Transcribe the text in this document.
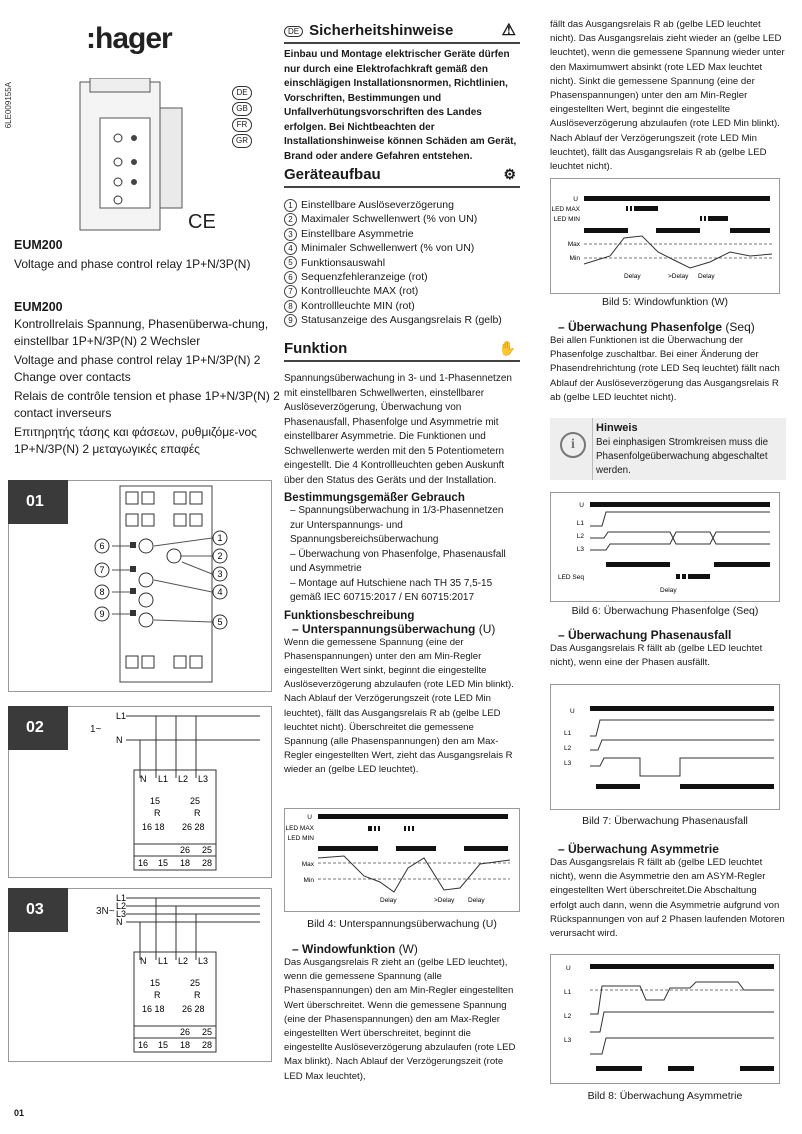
:hager
6LE009155A
CE
DE
GB
FR
GR
EUM200
Voltage and phase control relay 1P+N/3P(N)
EUM200
Kontrollrelais Spannung, Phasenüberwa-chung, einstellbar 1P+N/3P(N) 2 Wechsler
Voltage and phase control relay 1P+N/3P(N) 2 Change over contacts
Relais de contrôle tension et phase 1P+N/3P(N) 2 contact inverseurs
Επιτηρητής τάσης και φάσεων, ρυθμιζόμε-νος 1P+N/3P(N) 2 μεταγωγικές επαφές
01
6
7
8
9
1
2
3
4
5
02	1~
L1
N
N L1 L2 L3
15
R
16 18
25
R
26 28
26 25
16 15 18 28
03	3N~
L1
L2
L3
N
N L1 L2 L3
15
R
16 18
25
R
26 28
26 25
16 15 18 28
01
DE Sicherheitshinweise	⚠
Einbau und Montage elektrischer Geräte dürfen nur durch eine Elektrofachkraft gemäß den einschlägigen Installationsnormen, Richtlinien, Vorschriften, Bestimmungen und Unfallverhütungsvorschriften des Landes erfolgen. Bei Nichtbeachten der Installationshinweise können Schäden am Gerät, Brand oder andere Gefahren entstehen.
Geräteaufbau	⚙
1 Einstellbare Auslöseverzögerung
2 Maximaler Schwellenwert (% von UN)
3 Einstellbare Asymmetrie
4 Minimaler Schwellenwert (% von UN)
5 Funktionsauswahl
6 Sequenzfehleranzeige (rot)
7 Kontrollleuchte MAX (rot)
8 Kontrollleuchte MIN (rot)
9 Statusanzeige des Ausgangsrelais R (gelb)
Funktion	✋
Spannungsüberwachung in 3- und 1-Phasennetzen mit einstellbaren Schwellwerten, einstellbarer Auslöseverzögerung, Überwachung von Phasenausfall, Phasenfolge und Asymmetrie mit einstellbarer Asymmetrie. Die Funktionen und Schwellenwerte werden mit den 5 Potentiometern eingestellt. Die 4 Kontrollleuchten geben Auskunft über den Status des Geräts und der Installation.
Bestimmungsgemäßer Gebrauch
– Spannungsüberwachung in 1/3-Phasennetzen zur Unterspannungs- und Spannungsbereichsüberwachung
– Überwachung von Phasenfolge, Phasenausfall und Asymmetrie
– Montage auf Hutschiene nach TH 35 7,5-15 gemäß IEC 60715:2017 / EN 60715:2017
Funktionsbeschreibung
– Unterspannungsüberwachung (U)
Wenn die gemessene Spannung (eine der Phasenspannungen) unter den am Min-Regler eingestellten Wert sinkt, beginnt die eingestellte Auslöseverzögerung abzulaufen (rote LED Min blinkt). Nach Ablauf der Verzögerungszeit (rote LED Min leuchtet), fällt das Ausgangsrelais R ab (gelbe LED leuchtet nicht). Überschreitet die gemessene Spannung (alle Phasenspannungen) den am Max-Regler eingestellten Wert, zieht das Ausgangsrelais R wieder an (gelbe LED leuchtet).
U
LED MAX
LED MIN
Max
Min
Delay	>Delay Delay
Bild 4: Unterspannungsüberwachung (U)
– Windowfunktion (W)
Das Ausgangsrelais R zieht an (gelbe LED leuchtet), wenn die gemessene Spannung (alle Phasenspannungen) den am Min-Regler eingestellten Wert überschreitet. Wenn die gemessene Spannung (eine der Phasenspannungen) den am Max-Regler eingestellten Wert überschreitet, beginnt die eingestellte Auslöseverzögerung abzulaufen (rote LED Max blinkt). Nach Ablauf der Verzögerungszeit (rote LED Max leuchtet),
fällt das Ausgangsrelais R ab (gelbe LED leuchtet nicht). Das Ausgangsrelais zieht wieder an (gelbe LED leuchtet), wenn die gemessene Spannung wieder unter den Maximumwert absinkt (rote LED Max leuchtet nicht). Sinkt die gemessene Spannung (eine der Phasenspannungen) unter den am Min-Regler eingestellten Wert, beginnt die eingestellte Auslöseverzögerung abzulaufen (rote LED Min blinkt). Nach Ablauf der Verzögerungszeit (rote LED Min leuchtet), fällt das Ausgangsrelais R ab (gelbe LED leuchtet nicht).
U
LED MAX
LED MIN
Max
Min
Delay	>Delay Delay
Bild 5: Windowfunktion (W)
– Überwachung Phasenfolge (Seq)
Bei allen Funktionen ist die Überwachung der Phasenfolge zuschaltbar. Bei einer Änderung der Phasendrehrichtung (rote LED Seq leuchtet) fällt nach Ablauf der Auslöseverzögerung das Ausgangsrelais R ab (gelbe LED leuchtet nicht).
i
Hinweis
Bei einphasigen Stromkreisen muss die Phasenfolgeüberwachung abgeschaltet werden.
U
L1
L2
L3
LED Seq
Delay
Bild 6: Überwachung Phasenfolge (Seq)
– Überwachung Phasenausfall
Das Ausgangsrelais R fällt ab (gelbe LED leuchtet nicht), wenn eine der Phasen ausfällt.
U
L1
L2
L3
Bild 7: Überwachung Phasenausfall
– Überwachung Asymmetrie
Das Ausgangsrelais R fällt ab (gelbe LED leuchtet nicht), wenn die Asymmetrie den am ASYM-Regler eingestellten Wert überschreitet.Die Abschaltung erfolgt auch dann, wenn die Asymmetrie aufgrund von Rückspannungen von auf 2 Phasen laufenden Motoren verursacht wird.
U
L1
L2
L3
Bild 8: Überwachung Asymmetrie
